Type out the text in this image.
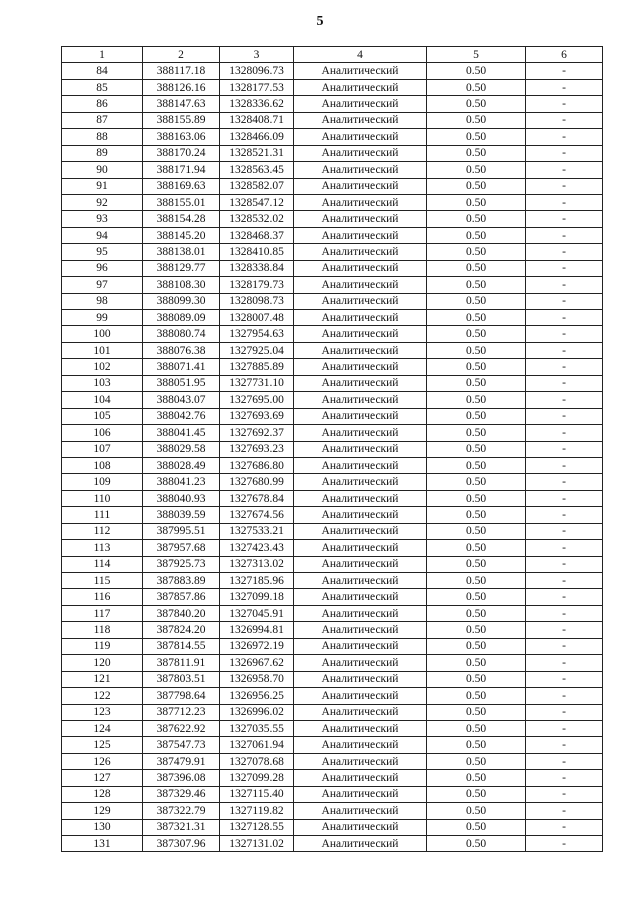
5
1	2	3	4	5	6
84	388117.18	1328096.73	Аналитический	0.50	-
85	388126.16	1328177.53	Аналитический	0.50	-
86	388147.63	1328336.62	Аналитический	0.50	-
87	388155.89	1328408.71	Аналитический	0.50	-
88	388163.06	1328466.09	Аналитический	0.50	-
89	388170.24	1328521.31	Аналитический	0.50	-
90	388171.94	1328563.45	Аналитический	0.50	-
91	388169.63	1328582.07	Аналитический	0.50	-
92	388155.01	1328547.12	Аналитический	0.50	-
93	388154.28	1328532.02	Аналитический	0.50	-
94	388145.20	1328468.37	Аналитический	0.50	-
95	388138.01	1328410.85	Аналитический	0.50	-
96	388129.77	1328338.84	Аналитический	0.50	-
97	388108.30	1328179.73	Аналитический	0.50	-
98	388099.30	1328098.73	Аналитический	0.50	-
99	388089.09	1328007.48	Аналитический	0.50	-
100	388080.74	1327954.63	Аналитический	0.50	-
101	388076.38	1327925.04	Аналитический	0.50	-
102	388071.41	1327885.89	Аналитический	0.50	-
103	388051.95	1327731.10	Аналитический	0.50	-
104	388043.07	1327695.00	Аналитический	0.50	-
105	388042.76	1327693.69	Аналитический	0.50	-
106	388041.45	1327692.37	Аналитический	0.50	-
107	388029.58	1327693.23	Аналитический	0.50	-
108	388028.49	1327686.80	Аналитический	0.50	-
109	388041.23	1327680.99	Аналитический	0.50	-
110	388040.93	1327678.84	Аналитический	0.50	-
111	388039.59	1327674.56	Аналитический	0.50	-
112	387995.51	1327533.21	Аналитический	0.50	-
113	387957.68	1327423.43	Аналитический	0.50	-
114	387925.73	1327313.02	Аналитический	0.50	-
115	387883.89	1327185.96	Аналитический	0.50	-
116	387857.86	1327099.18	Аналитический	0.50	-
117	387840.20	1327045.91	Аналитический	0.50	-
118	387824.20	1326994.81	Аналитический	0.50	-
119	387814.55	1326972.19	Аналитический	0.50	-
120	387811.91	1326967.62	Аналитический	0.50	-
121	387803.51	1326958.70	Аналитический	0.50	-
122	387798.64	1326956.25	Аналитический	0.50	-
123	387712.23	1326996.02	Аналитический	0.50	-
124	387622.92	1327035.55	Аналитический	0.50	-
125	387547.73	1327061.94	Аналитический	0.50	-
126	387479.91	1327078.68	Аналитический	0.50	-
127	387396.08	1327099.28	Аналитический	0.50	-
128	387329.46	1327115.40	Аналитический	0.50	-
129	387322.79	1327119.82	Аналитический	0.50	-
130	387321.31	1327128.55	Аналитический	0.50	-
131	387307.96	1327131.02	Аналитический	0.50	-
